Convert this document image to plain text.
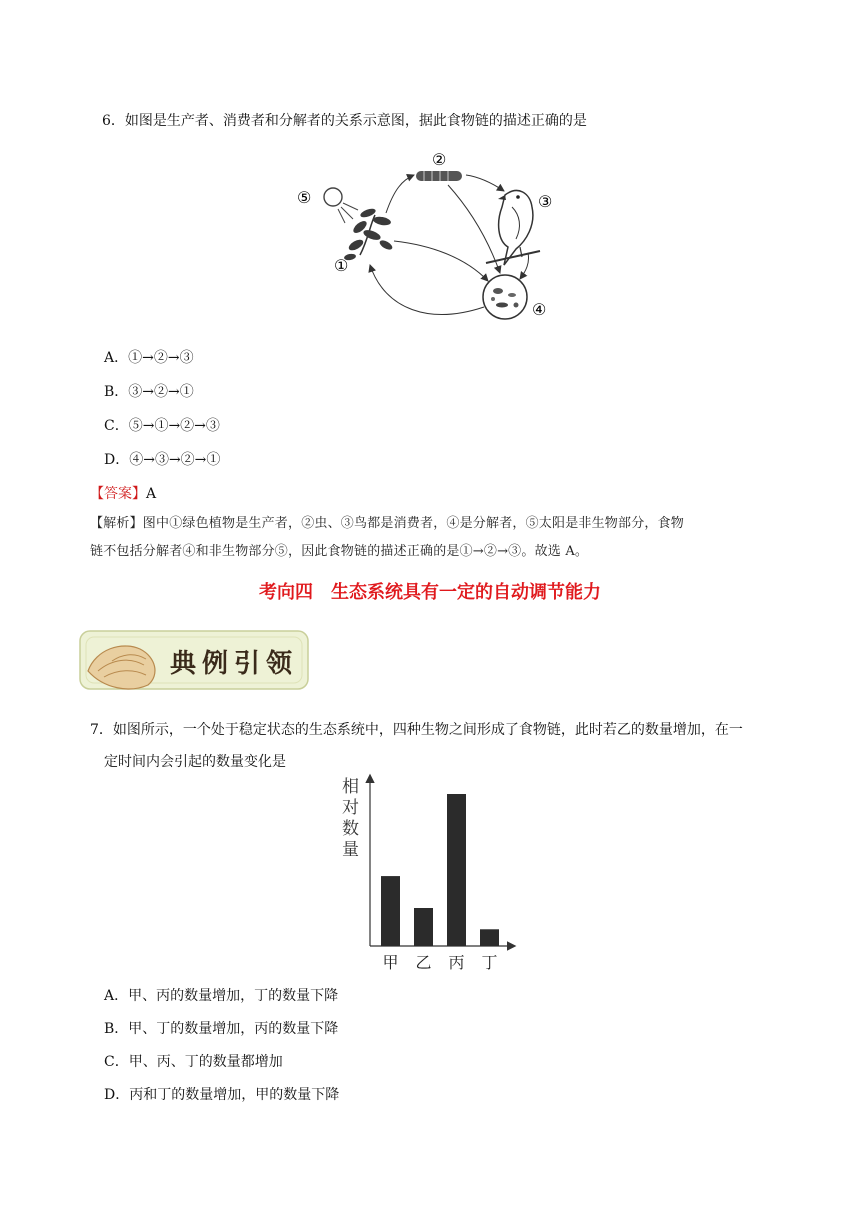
6．如图是生产者、消费者和分解者的关系示意图，据此食物链的描述正确的是
⑤
①
②
③
④
A．①→②→③
B．③→②→①
C．⑤→①→②→③
D．④→③→②→①
【答案】A
【解析】图中①绿色植物是生产者，②虫、③鸟都是消费者，④是分解者，⑤太阳是非生物部分，食物
链不包括分解者④和非生物部分⑤，因此食物链的描述正确的是①→②→③。故选 A。
考向四　生态系统具有一定的自动调节能力
典例引领
7．如图所示，一个处于稳定状态的生态系统中，四种生物之间形成了食物链，此时若乙的数量增加，在一
定时间内会引起的数量变化是
相
对
数
量
甲 乙 丙 丁
A．甲、丙的数量增加，丁的数量下降
B．甲、丁的数量增加，丙的数量下降
C．甲、丙、丁的数量都增加
D．丙和丁的数量增加，甲的数量下降
